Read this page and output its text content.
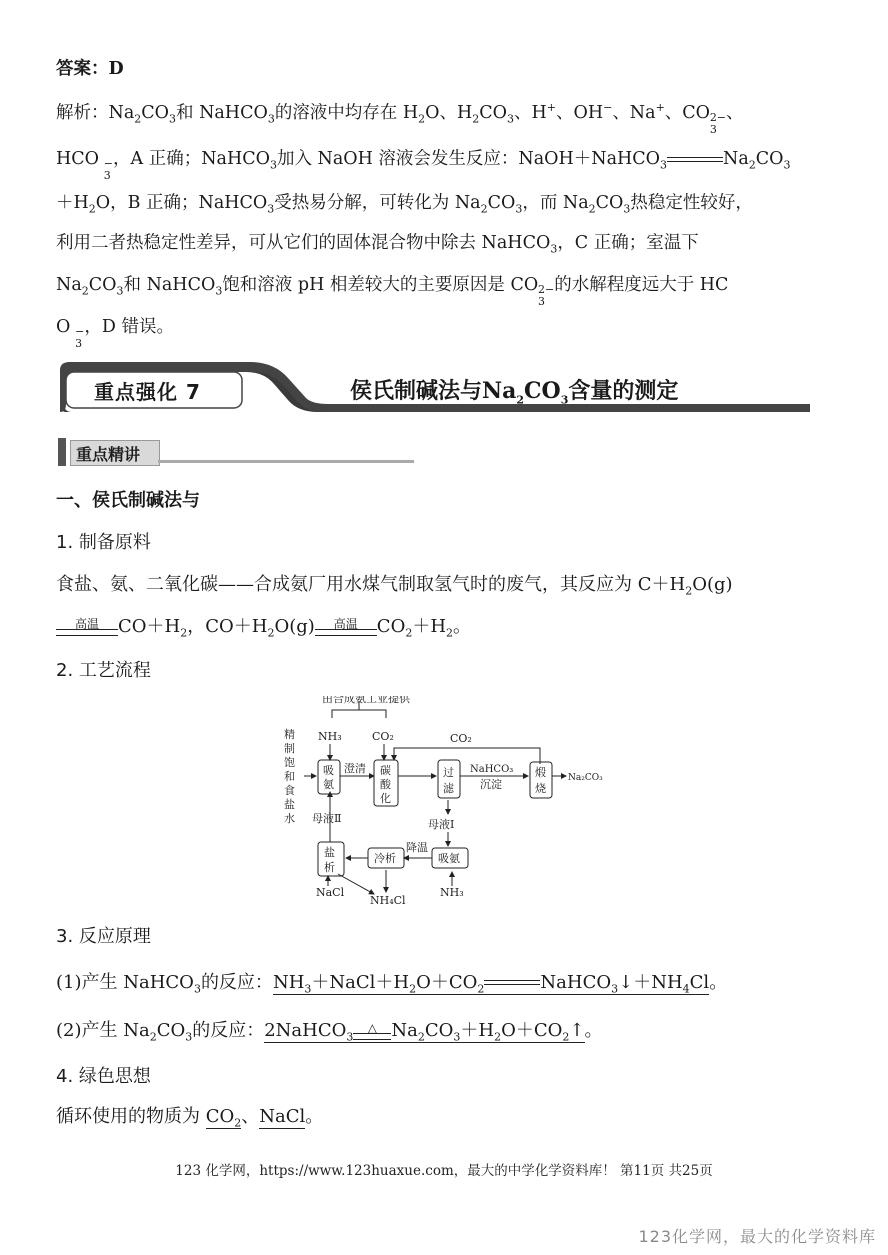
答案：D
解析：$Na_2CO_3$和 NaHCO$_3$的溶液中均存在 $H_2O$、$H_2CO_3$、H+、OH−、Na+、CO 2−
3
、
HCO −
3
，A 正确；NaHCO$_3$加入 NaOH 溶液会发生反应：NaOH＋NaHCO$_3$	$Na_2CO_3$
$+H_2O$，B 正确；NaHCO$_3$受热易分解，可转化为 $Na_2CO_3$，而 $Na_2CO_3$热稳定性较好，
利用二者热稳定性差异，可从它们的固体混合物中除去 NaHCO$_3$，C 正确；室温下
$Na_2CO_3$和 NaHCO$_3$饱和溶液 pH 相差较大的主要原因是 CO 2−
3
的水解程度远大于 HC
O −
3
，D 错误。
重点强化 7	侯氏制碱法与$Na_2CO_3$含量的测定
重点精讲
一、侯氏制碱法与
1. 制备原料
食盐、氨、二氧化碳——合成氨厂用水煤气制取氢气时的废气，其反应为 $C+H_2O(g)$
高温	$CO+H_2$，$CO+H_2O(g)$	高温	$CO_2+H_2$。
2. 工艺流程
由合成氨工业提供
NH₃	CO₂	CO₂
精
制
饱
和
食
盐
水
吸
氨
澄清 碳
酸
化
过
滤
NaHCO₃
沉淀
煅
烧
Na₂CO₃
母液Ⅱ	母液Ⅰ
盐
析
冷析
降温
吸氨
NH₃
NaCl
NH₄Cl
3. 反应原理
(1)产生 NaHCO$_3$的反应：$NH_3+NaCl+H_2O+CO_2$	$NaHCO_3↓+NH_4Cl$。
(2)产生 $Na_2CO_3$的反应：2NaHCO$_3$
△ $Na_2CO_3+H_2O+CO_2↑$。
4. 绿色思想
循环使用的物质为 $CO_2$、NaCl。
123 化学网，https://www.123huaxue.com，最大的中学化学资料库！ 第11页 共25页
123化学网，最大的化学资料库
